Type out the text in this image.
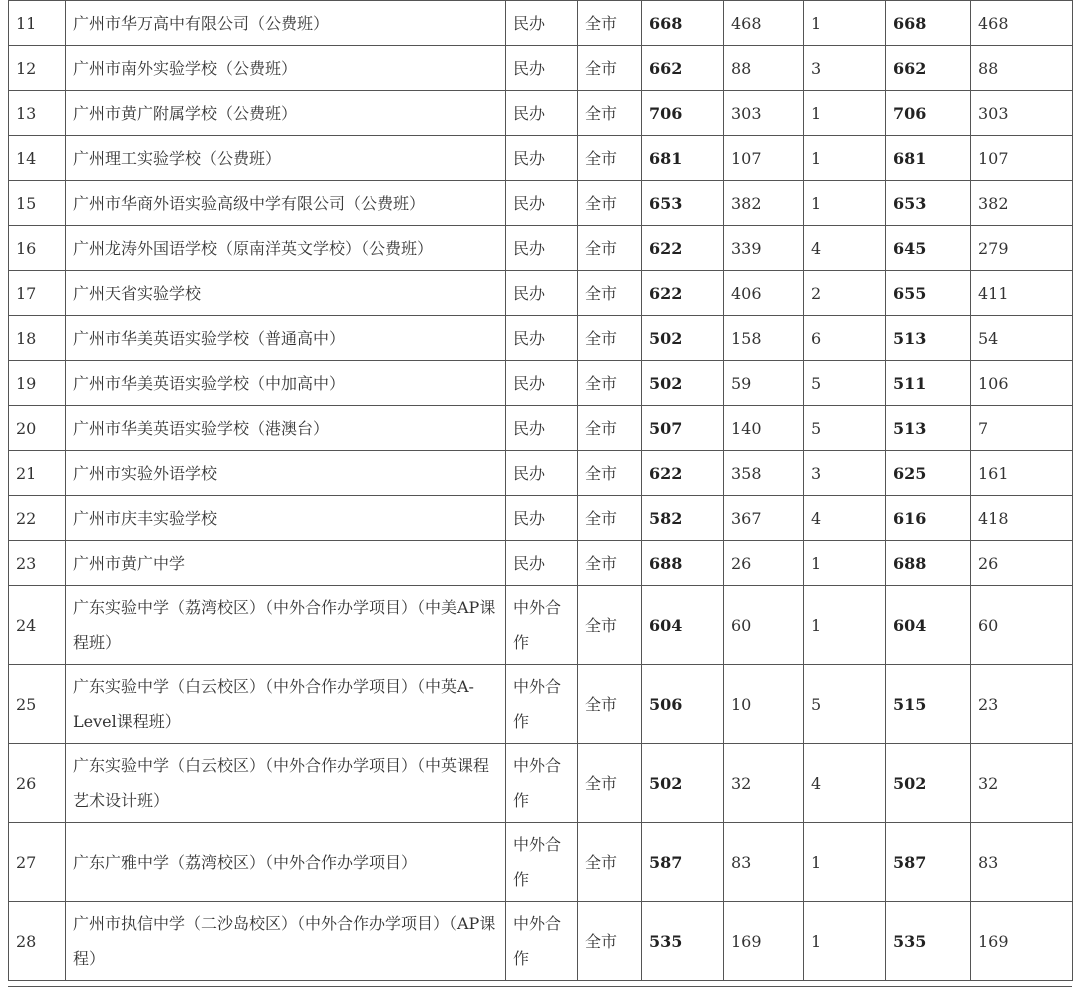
11	广州市华万高中有限公司（公费班）	民办	全市	668	468	1	668	468
12	广州市南外实验学校（公费班）	民办	全市	662	88	3	662	88
13	广州市黄广附属学校（公费班）	民办	全市	706	303	1	706	303
14	广州理工实验学校（公费班）	民办	全市	681	107	1	681	107
15	广州市华商外语实验高级中学有限公司（公费班）	民办	全市	653	382	1	653	382
16	广州龙涛外国语学校（原南洋英文学校）（公费班）	民办	全市	622	339	4	645	279
17	广州天省实验学校	民办	全市	622	406	2	655	411
18	广州市华美英语实验学校（普通高中）	民办	全市	502	158	6	513	54
19	广州市华美英语实验学校（中加高中）	民办	全市	502	59	5	511	106
20	广州市华美英语实验学校（港澳台）	民办	全市	507	140	5	513	7
21	广州市实验外语学校	民办	全市	622	358	3	625	161
22	广州市庆丰实验学校	民办	全市	582	367	4	616	418
23	广州市黄广中学	民办	全市	688	26	1	688	26
24	广东实验中学（荔湾校区）（中外合作办学项目）（中美AP课程班）	中外合作	全市	604	60	1	604	60
25	广东实验中学（白云校区）（中外合作办学项目）（中英A-Level课程班）	中外合作	全市	506	10	5	515	23
26	广东实验中学（白云校区）（中外合作办学项目）（中英课程艺术设计班）	中外合作	全市	502	32	4	502	32
27	广东广雅中学（荔湾校区）（中外合作办学项目）	中外合作	全市	587	83	1	587	83
28	广州市执信中学（二沙岛校区）（中外合作办学项目）（AP课程）	中外合作	全市	535	169	1	535	169
